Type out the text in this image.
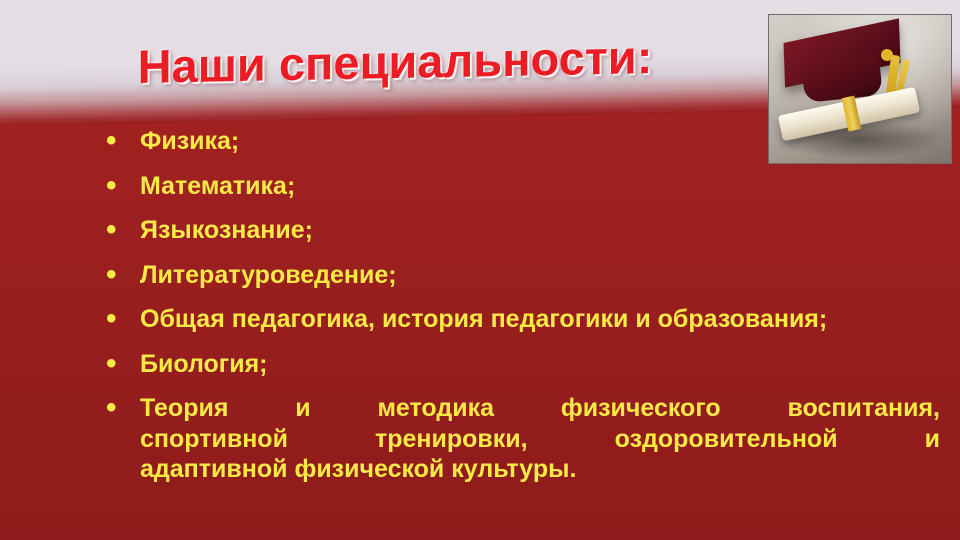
Наши специальности:
• Физика;
• Математика;
• Языкознание;
• Литературоведение;
• Общая педагогика, история педагогики и образования;
• Биология;
• Теория и методика физического воспитания,
спортивной тренировки, оздоровительной и
адаптивной физической культуры.
